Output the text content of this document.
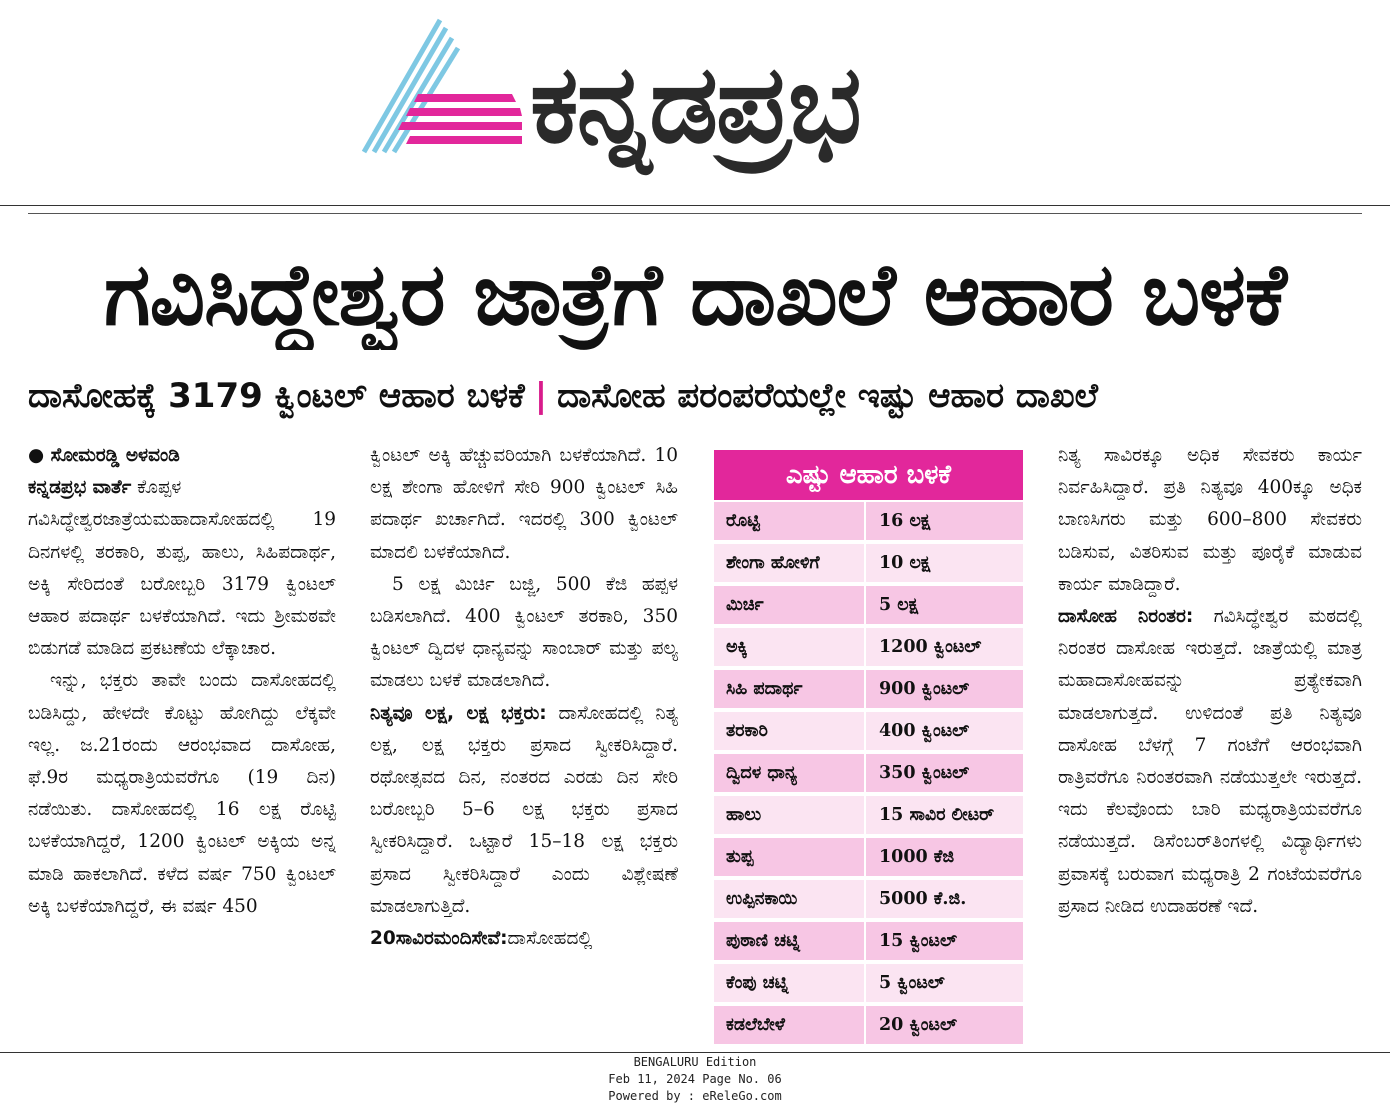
ಕನ್ನಡಪ್ರಭ
ಗವಿಸಿದ್ಧೇಶ್ವರ ಜಾತ್ರೆಗೆ ದಾಖಲೆ ಆಹಾರ ಬಳಕೆ
ದಾಸೋಹಕ್ಕೆ 3179 ಕ್ವಿಂಟಲ್ ಆಹಾರ ಬಳಕೆ | ದಾಸೋಹ ಪರಂಪರೆಯಲ್ಲೇ ಇಷ್ಟು ಆಹಾರ ದಾಖಲೆ

● ಸೋಮರಡ್ಡಿ ಅಳವಂಡಿ

ಕನ್ನಡಪ್ರಭ ವಾರ್ತೆ ಕೊಪ್ಪಳ

ಗವಿಸಿದ್ಧೇಶ್ವರಜಾತ್ರೆಯಮಹಾದಾಸೋಹದಲ್ಲಿ 19 ದಿನಗಳಲ್ಲಿ ತರಕಾರಿ, ತುಪ್ಪ, ಹಾಲು, ಸಿಹಿಪದಾರ್ಥ, ಅಕ್ಕಿ ಸೇರಿದಂತೆ ಬರೋಬ್ಬರಿ 3179 ಕ್ವಿಂಟಲ್ ಆಹಾರ ಪದಾರ್ಥ ಬಳಕೆಯಾಗಿದೆ. ಇದು ಶ್ರೀಮಠವೇ ಬಿಡುಗಡೆ ಮಾಡಿದ ಪ್ರಕಟಣೆಯ ಲೆಕ್ಕಾಚಾರ.

ಇನ್ನು, ಭಕ್ತರು ತಾವೇ ಬಂದು ದಾಸೋಹದಲ್ಲಿ ಬಡಿಸಿದ್ದು, ಹೇಳದೇ ಕೊಟ್ಟು ಹೋಗಿದ್ದು ಲೆಕ್ಕವೇ ಇಲ್ಲ. ಜ.21ರಂದು ಆರಂಭವಾದ ದಾಸೋಹ, ಫೆ.9ರ ಮಧ್ಯರಾತ್ರಿಯವರೆಗೂ (19 ದಿನ) ನಡೆಯಿತು. ದಾಸೋಹದಲ್ಲಿ 16 ಲಕ್ಷ ರೊಟ್ಟಿ ಬಳಕೆಯಾಗಿದ್ದರೆ, 1200 ಕ್ವಿಂಟಲ್ ಅಕ್ಕಿಯ ಅನ್ನ ಮಾಡಿ ಹಾಕಲಾಗಿದೆ. ಕಳೆದ ವರ್ಷ 750 ಕ್ವಿಂಟಲ್ ಅಕ್ಕಿ ಬಳಕೆಯಾಗಿದ್ದರೆ, ಈ ವರ್ಷ 450

ಕ್ವಿಂಟಲ್ ಅಕ್ಕಿ ಹೆಚ್ಚುವರಿಯಾಗಿ ಬಳಕೆಯಾಗಿದೆ. 10 ಲಕ್ಷ ಶೇಂಗಾ ಹೋಳಿಗೆ ಸೇರಿ 900 ಕ್ವಿಂಟಲ್ ಸಿಹಿ ಪದಾರ್ಥ ಖರ್ಚಾಗಿದೆ. ಇದರಲ್ಲಿ 300 ಕ್ವಿಂಟಲ್ ಮಾದಲಿ ಬಳಕೆಯಾಗಿದೆ.

5 ಲಕ್ಷ ಮಿರ್ಚಿ ಬಜ್ಜಿ, 500 ಕೆಜಿ ಹಪ್ಪಳ ಬಡಿಸಲಾಗಿದೆ. 400 ಕ್ವಿಂಟಲ್ ತರಕಾರಿ, 350 ಕ್ವಿಂಟಲ್ ದ್ವಿದಳ ಧಾನ್ಯವನ್ನು ಸಾಂಬಾರ್ ಮತ್ತು ಪಲ್ಯ ಮಾಡಲು ಬಳಕೆ ಮಾಡಲಾಗಿದೆ.

ನಿತ್ಯವೂ ಲಕ್ಷ, ಲಕ್ಷ ಭಕ್ತರು: ದಾಸೋಹದಲ್ಲಿ ನಿತ್ಯ ಲಕ್ಷ, ಲಕ್ಷ ಭಕ್ತರು ಪ್ರಸಾದ ಸ್ವೀಕರಿಸಿದ್ದಾರೆ. ರಥೋತ್ಸವದ ದಿನ, ನಂತರದ ಎರಡು ದಿನ ಸೇರಿ ಬರೋಬ್ಬರಿ 5–6 ಲಕ್ಷ ಭಕ್ತರು ಪ್ರಸಾದ ಸ್ವೀಕರಿಸಿದ್ದಾರೆ. ಒಟ್ಟಾರೆ 15–18 ಲಕ್ಷ ಭಕ್ತರು ಪ್ರಸಾದ ಸ್ವೀಕರಿಸಿದ್ದಾರೆ ಎಂದು ವಿಶ್ಲೇಷಣೆ ಮಾಡಲಾಗುತ್ತಿದೆ.

20ಸಾವಿರಮಂದಿಸೇವೆ:ದಾಸೋಹದಲ್ಲಿ

ಎಷ್ಟು ಆಹಾರ ಬಳಕೆ
ರೊಟ್ಟಿ	16 ಲಕ್ಷ
ಶೇಂಗಾ ಹೋಳಿಗೆ	10 ಲಕ್ಷ
ಮಿರ್ಚಿ	5 ಲಕ್ಷ
ಅಕ್ಕಿ	1200 ಕ್ವಿಂಟಲ್
ಸಿಹಿ ಪದಾರ್ಥ	900 ಕ್ವಿಂಟಲ್
ತರಕಾರಿ	400 ಕ್ವಿಂಟಲ್
ದ್ವಿದಳ ಧಾನ್ಯ	350 ಕ್ವಿಂಟಲ್
ಹಾಲು	15 ಸಾವಿರ ಲೀಟರ್
ತುಪ್ಪ	1000 ಕೆಜಿ
ಉಪ್ಪಿನಕಾಯಿ	5000 ಕೆ.ಜಿ.
ಪುಠಾಣಿ ಚಟ್ನಿ	15 ಕ್ವಿಂಟಲ್
ಕೆಂಪು ಚಟ್ನಿ	5 ಕ್ವಿಂಟಲ್
ಕಡಲೆಬೇಳೆ	20 ಕ್ವಿಂಟಲ್

ನಿತ್ಯ ಸಾವಿರಕ್ಕೂ ಅಧಿಕ ಸೇವಕರು ಕಾರ್ಯ ನಿರ್ವಹಿಸಿದ್ದಾರೆ. ಪ್ರತಿ ನಿತ್ಯವೂ 400ಕ್ಕೂ ಅಧಿಕ ಬಾಣಸಿಗರು ಮತ್ತು 600–800 ಸೇವಕರು ಬಡಿಸುವ, ವಿತರಿಸುವ ಮತ್ತು ಪೂರೈಕೆ ಮಾಡುವ ಕಾರ್ಯ ಮಾಡಿದ್ದಾರೆ.

ದಾಸೋಹ ನಿರಂತರ: ಗವಿಸಿದ್ಧೇಶ್ವರ ಮಠದಲ್ಲಿ ನಿರಂತರ ದಾಸೋಹ ಇರುತ್ತದೆ. ಜಾತ್ರೆಯಲ್ಲಿ ಮಾತ್ರ ಮಹಾದಾಸೋಹವನ್ನು ಪ್ರತ್ಯೇಕವಾಗಿ ಮಾಡಲಾಗುತ್ತದೆ. ಉಳಿದಂತೆ ಪ್ರತಿ ನಿತ್ಯವೂ ದಾಸೋಹ ಬೆಳಗ್ಗೆ 7 ಗಂಟೆಗೆ ಆರಂಭವಾಗಿ ರಾತ್ರಿವರೆಗೂ ನಿರಂತರವಾಗಿ ನಡೆಯುತ್ತಲೇ ಇರುತ್ತದೆ. ಇದು ಕೆಲವೊಂದು ಬಾರಿ ಮಧ್ಯರಾತ್ರಿಯವರೆಗೂ ನಡೆಯುತ್ತದೆ. ಡಿಸೆಂಬರ್‌ತಿಂಗಳಲ್ಲಿ ವಿದ್ಯಾರ್ಥಿಗಳು ಪ್ರವಾಸಕ್ಕೆ ಬರುವಾಗ ಮಧ್ಯರಾತ್ರಿ 2 ಗಂಟೆಯವರೆಗೂ ಪ್ರಸಾದ ನೀಡಿದ ಉದಾಹರಣೆ ಇದೆ.

BENGALURU Edition
Feb 11, 2024 Page No. 06
Powered by : eReleGo.com
